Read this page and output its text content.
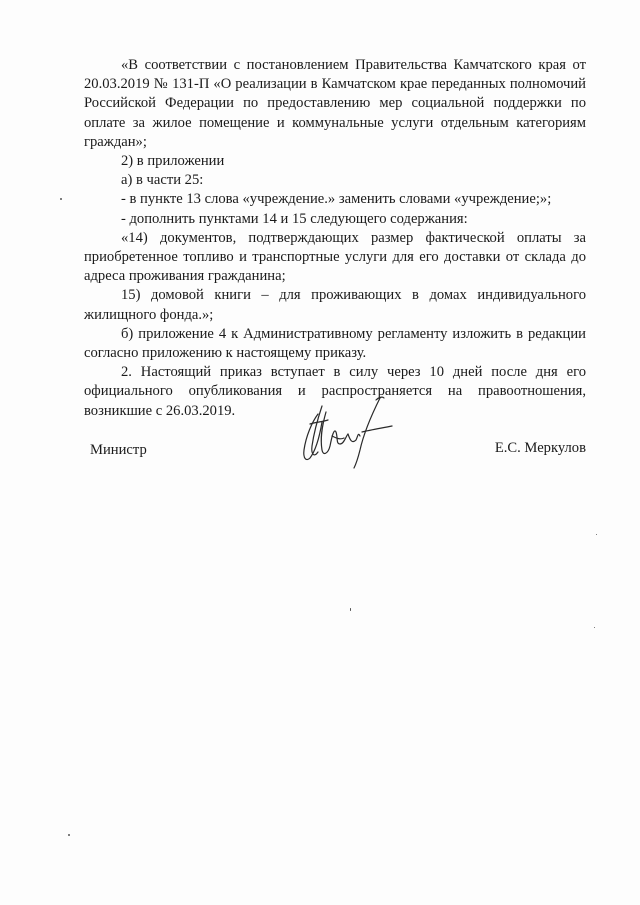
«В соответствии с постановлением Правительства Камчатского края от 20.03.2019 № 131-П «О реализации в Камчатском крае переданных полномочий Российской Федерации по предоставлению мер социальной поддержки по оплате за жилое помещение и коммунальные услуги отдельным категориям граждан»;

2) в приложении

а) в части 25:

- в пункте 13 слова «учреждение.» заменить словами «учреждение;»;

- дополнить пунктами 14 и 15 следующего содержания:

«14) документов, подтверждающих размер фактической оплаты за приобретенное топливо и транспортные услуги для его доставки от склада до адреса проживания гражданина;

15) домовой книги – для проживающих в домах индивидуального жилищного фонда.»;

б) приложение 4 к Административному регламенту изложить в редакции согласно приложению к настоящему приказу.

2. Настоящий приказ вступает в силу через 10 дней после дня его официального опубликования и распространяется на правоотношения, возникшие с 26.03.2019.

Министр	Е.С. Меркулов
